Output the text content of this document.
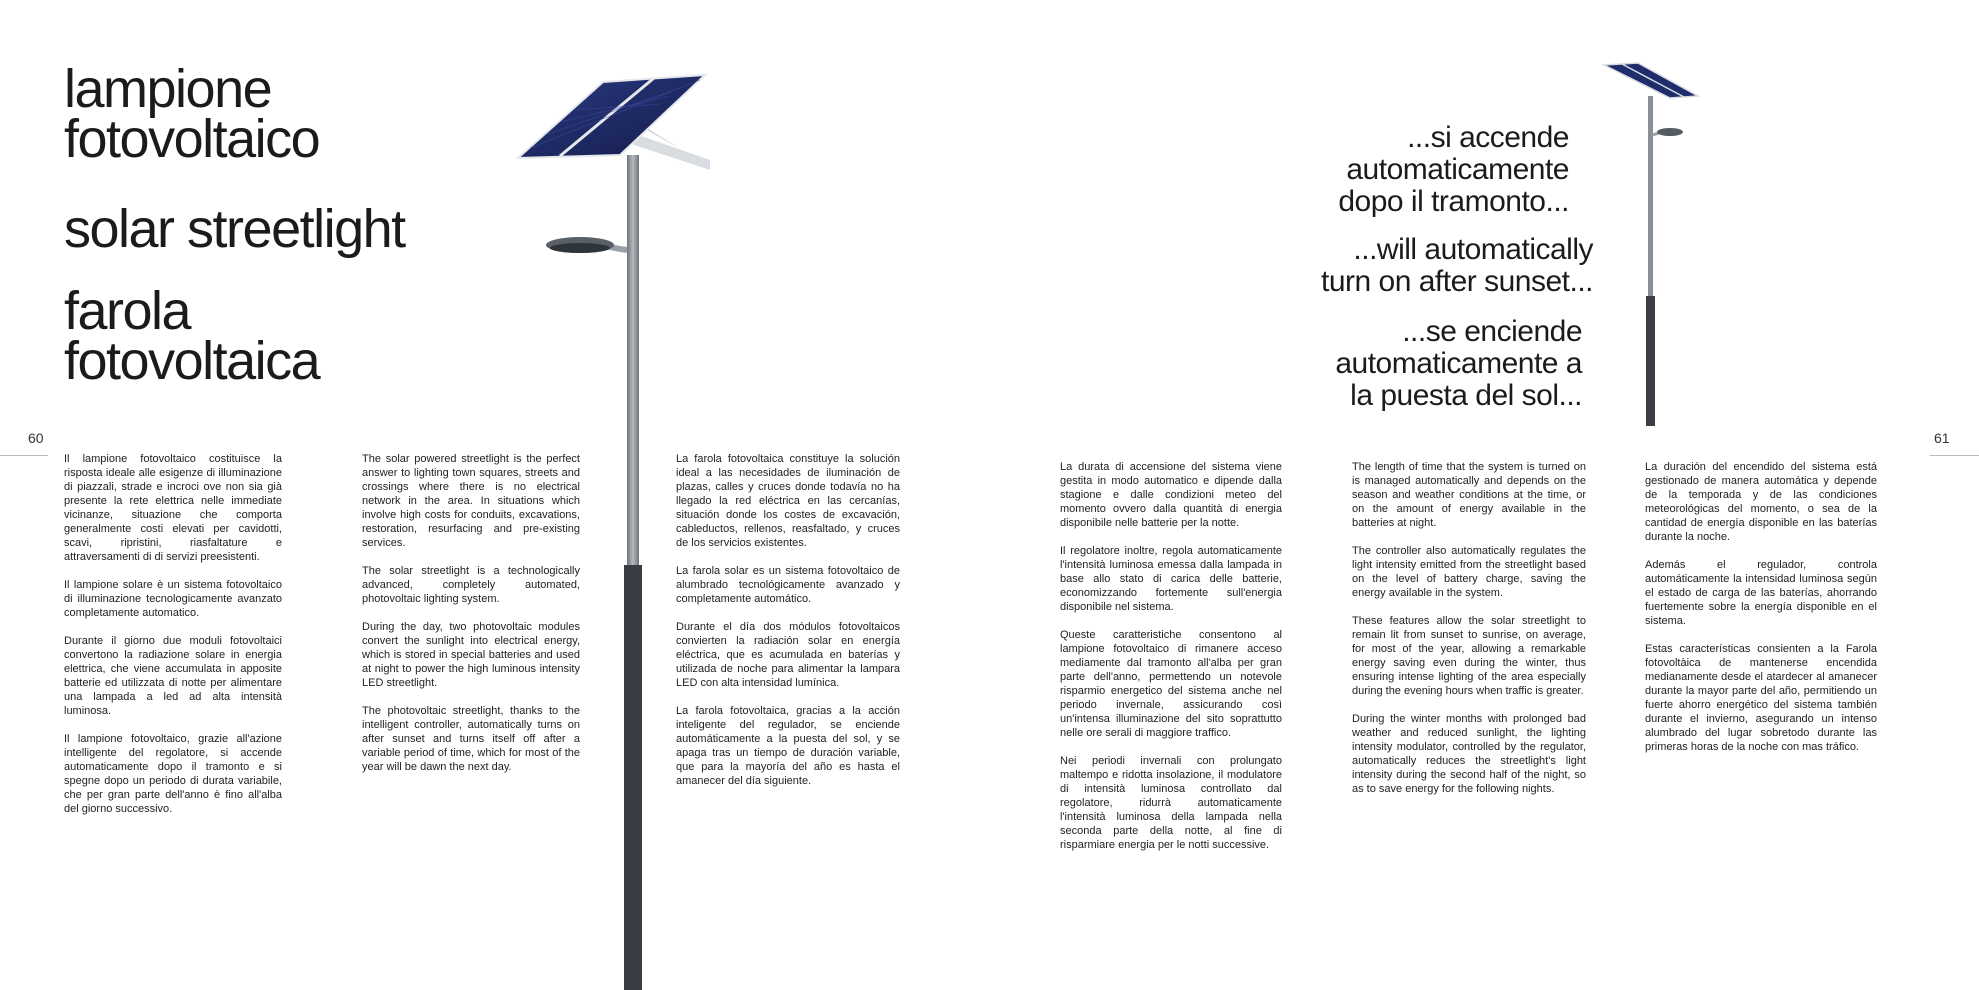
lampione
fotovoltaico
solar streetlight
farola
fotovoltaica
60	61
...si accende
automaticamente
dopo il tramonto...
...will automatically
turn on after sunset...
...se enciende
automaticamente a
la puesta del sol...

Il lampione fotovoltaico costituisce la risposta ideale alle esigenze di illuminazione di piazzali, strade e incroci ove non sia già presente la rete elettrica nelle immediate vicinanze, situazione che comporta generalmente costi elevati per cavidotti, scavi, ripristini, riasfaltature e attraversamenti di di servizi preesistenti.

Il lampione solare è un sistema fotovoltaico di illuminazione tecnologicamente avanzato completamente automatico.

Durante il giorno due moduli fotovoltaici convertono la radiazione solare in energia elettrica, che viene accumulata in apposite batterie ed utilizzata di notte per alimentare una lampada a led ad alta intensità luminosa.

Il lampione fotovoltaico, grazie all'azione intelligente del regolatore, si accende automaticamente dopo il tramonto e si spegne dopo un periodo di durata variabile, che per gran parte dell'anno è fino all'alba del giorno successivo.

The solar powered streetlight is the perfect answer to lighting town squares, streets and crossings where there is no electrical network in the area. In situations which involve high costs for conduits, excavations, restoration, resurfacing and pre-existing services.

The solar streetlight is a technologically advanced, completely automated, photovoltaic lighting system.

During the day, two photovoltaic modules convert the sunlight into electrical energy, which is stored in special batteries and used at night to power the high luminous intensity LED streetlight.

The photovoltaic streetlight, thanks to the intelligent controller, automatically turns on after sunset and turns itself off after a variable period of time, which for most of the year will be dawn the next day.

La farola fotovoltaica constituye la solución ideal a las necesidades de iluminación de plazas, calles y cruces donde todavía no ha llegado la red eléctrica en las cercanías, situación donde los costes de excavación, cableductos, rellenos, reasfaltado, y cruces de los servicios existentes.

La farola solar es un sistema fotovoltaico de alumbrado tecnológicamente avanzado y completamente automático.

Durante el día dos módulos fotovoltaicos convierten la radiación solar en energía eléctrica, que es acumulada en baterías y utilizada de noche para alimentar la lampara LED con alta intensidad lumínica.

La farola fotovoltaica, gracias a la acción inteligente del regulador, se enciende automáticamente a la puesta del sol, y se apaga tras un tiempo de duración variable, que para la mayoría del año es hasta el amanecer del día siguiente.

La durata di accensione del sistema viene gestita in modo automatico e dipende dalla stagione e dalle condizioni meteo del momento ovvero dalla quantità di energia disponibile nelle batterie per la notte.

Il regolatore inoltre, regola automaticamente l'intensità luminosa emessa dalla lampada in base allo stato di carica delle batterie, economizzando fortemente sull'energia disponibile nel sistema.

Queste caratteristiche consentono al lampione fotovoltaico di rimanere acceso mediamente dal tramonto all'alba per gran parte dell'anno, permettendo un notevole risparmio energetico del sistema anche nel periodo invernale, assicurando così un'intensa illuminazione del sito soprattutto nelle ore serali di maggiore traffico.

Nei periodi invernali con prolungato maltempo e ridotta insolazione, il modulatore di intensità luminosa controllato dal regolatore, ridurrà automaticamente l'intensità luminosa della lampada nella seconda parte della notte, al fine di risparmiare energia per le notti successive.

The length of time that the system is turned on is managed automatically and depends on the season and weather conditions at the time, or on the amount of energy available in the batteries at night.

The controller also automatically regulates the light intensity emitted from the streetlight based on the level of battery charge, saving the energy available in the system.

These features allow the solar streetlight to remain lit from sunset to sunrise, on average, for most of the year, allowing a remarkable energy saving even during the winter, thus ensuring intense lighting of the area especially during the evening hours when traffic is greater.

During the winter months with prolonged bad weather and reduced sunlight, the lighting intensity modulator, controlled by the regulator, automatically reduces the streetlight's light intensity during the second half of the night, so as to save energy for the following nights.

La duración del encendido del sistema está gestionado de manera automática y depende de la temporada y de las condiciones meteorológicas del momento, o sea de la cantidad de energía disponible en las baterías durante la noche.

Además el regulador, controla automáticamente la intensidad luminosa según el estado de carga de las baterías, ahorrando fuertemente sobre la energía disponible en el sistema.

Estas características consienten a la Farola fotovoltàica de mantenerse encendida medianamente desde el atardecer al amanecer durante la mayor parte del año, permitiendo un fuerte ahorro energético del sistema también durante el invierno, asegurando un intenso alumbrado del lugar sobretodo durante las primeras horas de la noche con mas tráfico.
